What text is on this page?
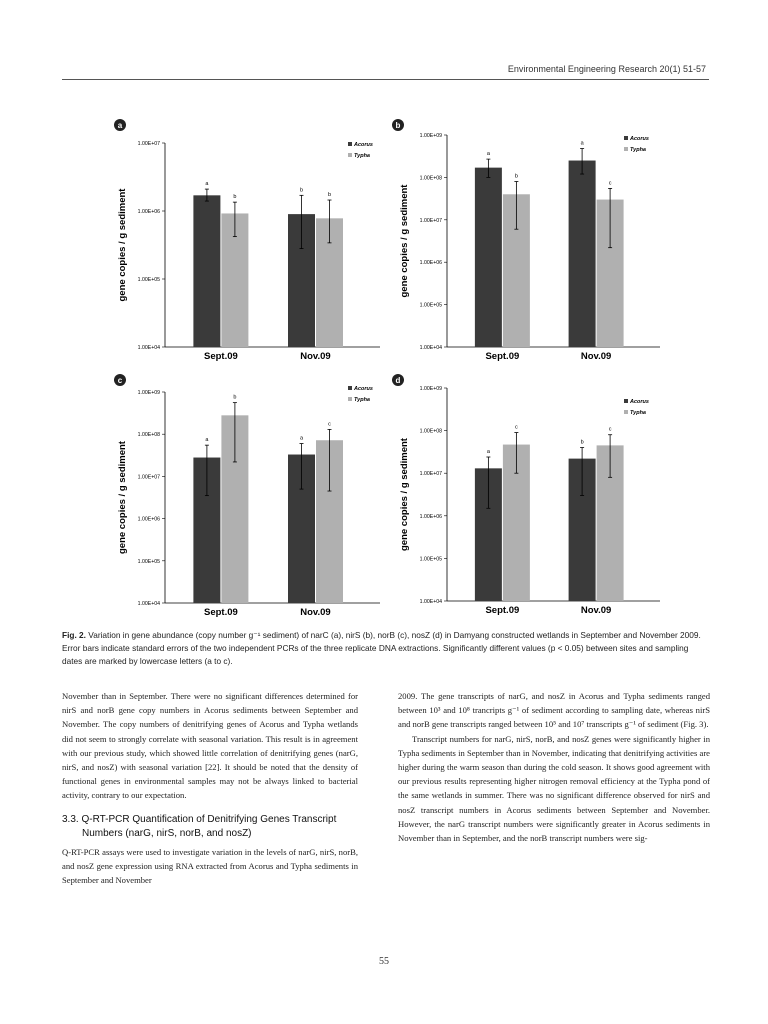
Environmental Engineering Research 20(1) 51-57
a
1.00E+04
1.00E+05
1.00E+06
1.00E+07
gene copies / g sediment
a
b
Sept.09
b
b
Nov.09
Acorus
Typha
b
1.00E+04
1.00E+05
1.00E+06
1.00E+07
1.00E+08
1.00E+09
gene copies / g sediment
a
b
Sept.09
a
c
Nov.09
Acorus
Typha
c
1.00E+04
1.00E+05
1.00E+06
1.00E+07
1.00E+08
1.00E+09
gene copies / g sediment
a
b
Sept.09
a
c
Nov.09
Acorus
Typha
d
1.00E+04
1.00E+05
1.00E+06
1.00E+07
1.00E+08
1.00E+09
gene copies / g sediment	a
c
Sept.09
b
c
Nov.09
Acorus
Typha

Fig. 2. Variation in gene abundance (copy number g⁻¹ sediment) of narC (a), nirS (b), norB (c), nosZ (d) in Damyang constructed wetlands in September and November 2009. Error bars indicate standard errors of the two independent PCRs of the three replicate DNA extractions. Significantly different values (p < 0.05) between sites and sampling dates are marked by lowercase letters (a to c).

November than in September. There were no significant differences determined for nirS and norB gene copy numbers in Acorus sediments between September and November. The copy numbers of denitrifying genes of Acorus and Typha wetlands did not seem to strongly correlate with seasonal variation. This result is in agreement with our previous study, which showed little correlation of denitrifying genes (narG, nirS, and nosZ) with seasonal variation [22]. It should be noted that the density of functional genes in environmental samples may not be always linked to bacterial activity, contrary to our expectation.

3.3. Q-RT-PCR Quantification of Denitrifying Genes Transcript
Numbers (narG, nirS, norB, and nosZ)

Q-RT-PCR assays were used to investigate variation in the levels of narG, nirS, norB, and nosZ gene expression using RNA extracted from Acorus and Typha sediments in September and November

2009. The gene transcripts of narG, and nosZ in Acorus and Typha sediments ranged between 10³ and 10⁸ trancripts g⁻¹ of sediment according to sampling date, whereas nirS and norB gene transcripts ranged between 10⁵ and 10⁷ transcripts g⁻¹ of sediment (Fig. 3).

Transcript numbers for narG, nirS, norB, and nosZ genes were significantly higher in Typha sediments in September than in November, indicating that denitrifying activities are higher during the warm season than during the cold season. It shows good agreement with our previous results representing higher nitrogen removal efficiency at the Typha pond of the same wetlands in summer. There was no significant difference observed for nirS and nosZ transcript numbers in Acorus sediments between September and November. However, the narG transcript numbers were significantly greater in Acorus sediments in November than in September, and the norB transcript numbers were sig-

55
